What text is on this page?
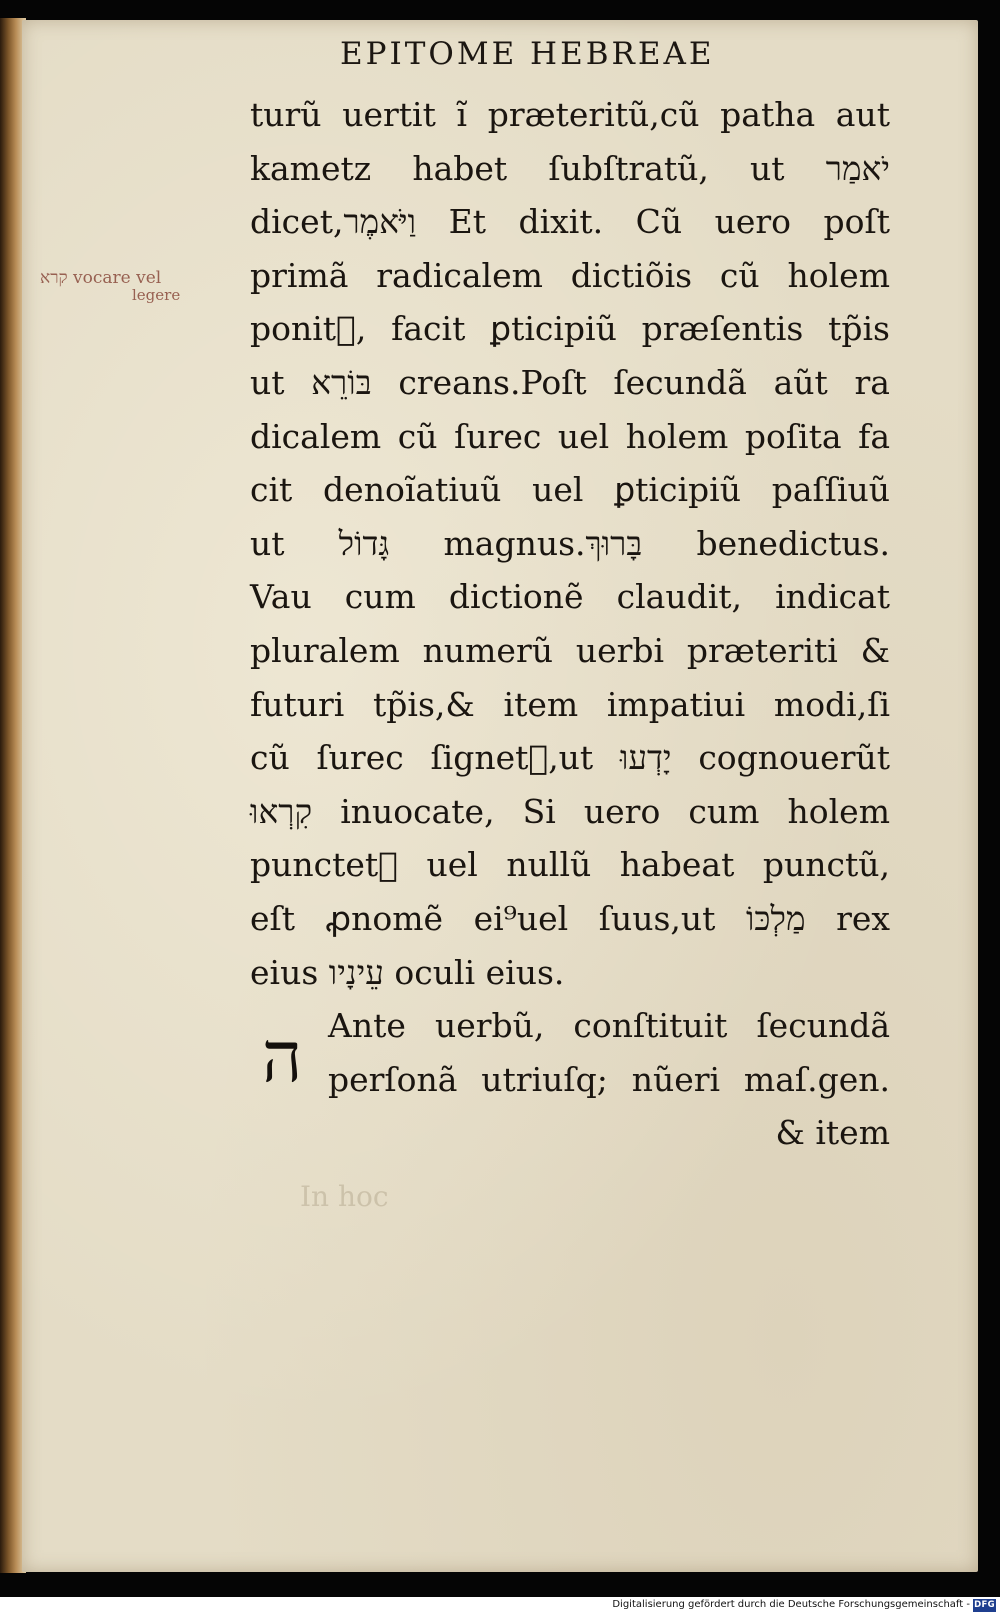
קרא vocare vel
legere
EPITOME HEBREAE
turũ uertit ĩ præteritũ,cũ patha aut
kametz habet ſubſtratũ, ut יֹאמַר
dicet,וַיֹּאמֶר Et dixit. Cũ uero poſt
primã radicalem dictiõis cũ holem
ponit᷑, facit ꝑticipiũ præſentis tp̃is
ut בּוֹרֵא creans.Poſt ſecundã aũt ra
dicalem cũ ſurec uel holem poſita fa
cit denoĩatiuũ uel ꝑticipiũ paſſiuũ
ut גָּדוֹל magnus.בָּרוּךְ benedictus.
Vau cum dictionẽ claudit, indicat
pluralem numerũ uerbi præteriti &
futuri tp̃is,& item impatiui modi,ſi
cũ ſurec ſignet᷑,ut יָדְעוּ cognouerũt
קִרְאוּ inuocate, Si uero cum holem
punctet᷑ uel nullũ habeat punctũ,
eſt ꝓnomẽ ei⁹uel ſuus,ut מַלְכּוֹ rex
eius עֵינָיו oculi eius.
Ante uerbũ, conſtituit ſecundã
perſonã utriuſq; nũeri maſ.gen.
& item
ה
In hoc
Digitalisierung gefördert durch die Deutsche Forschungsgemeinschaft - DFG
